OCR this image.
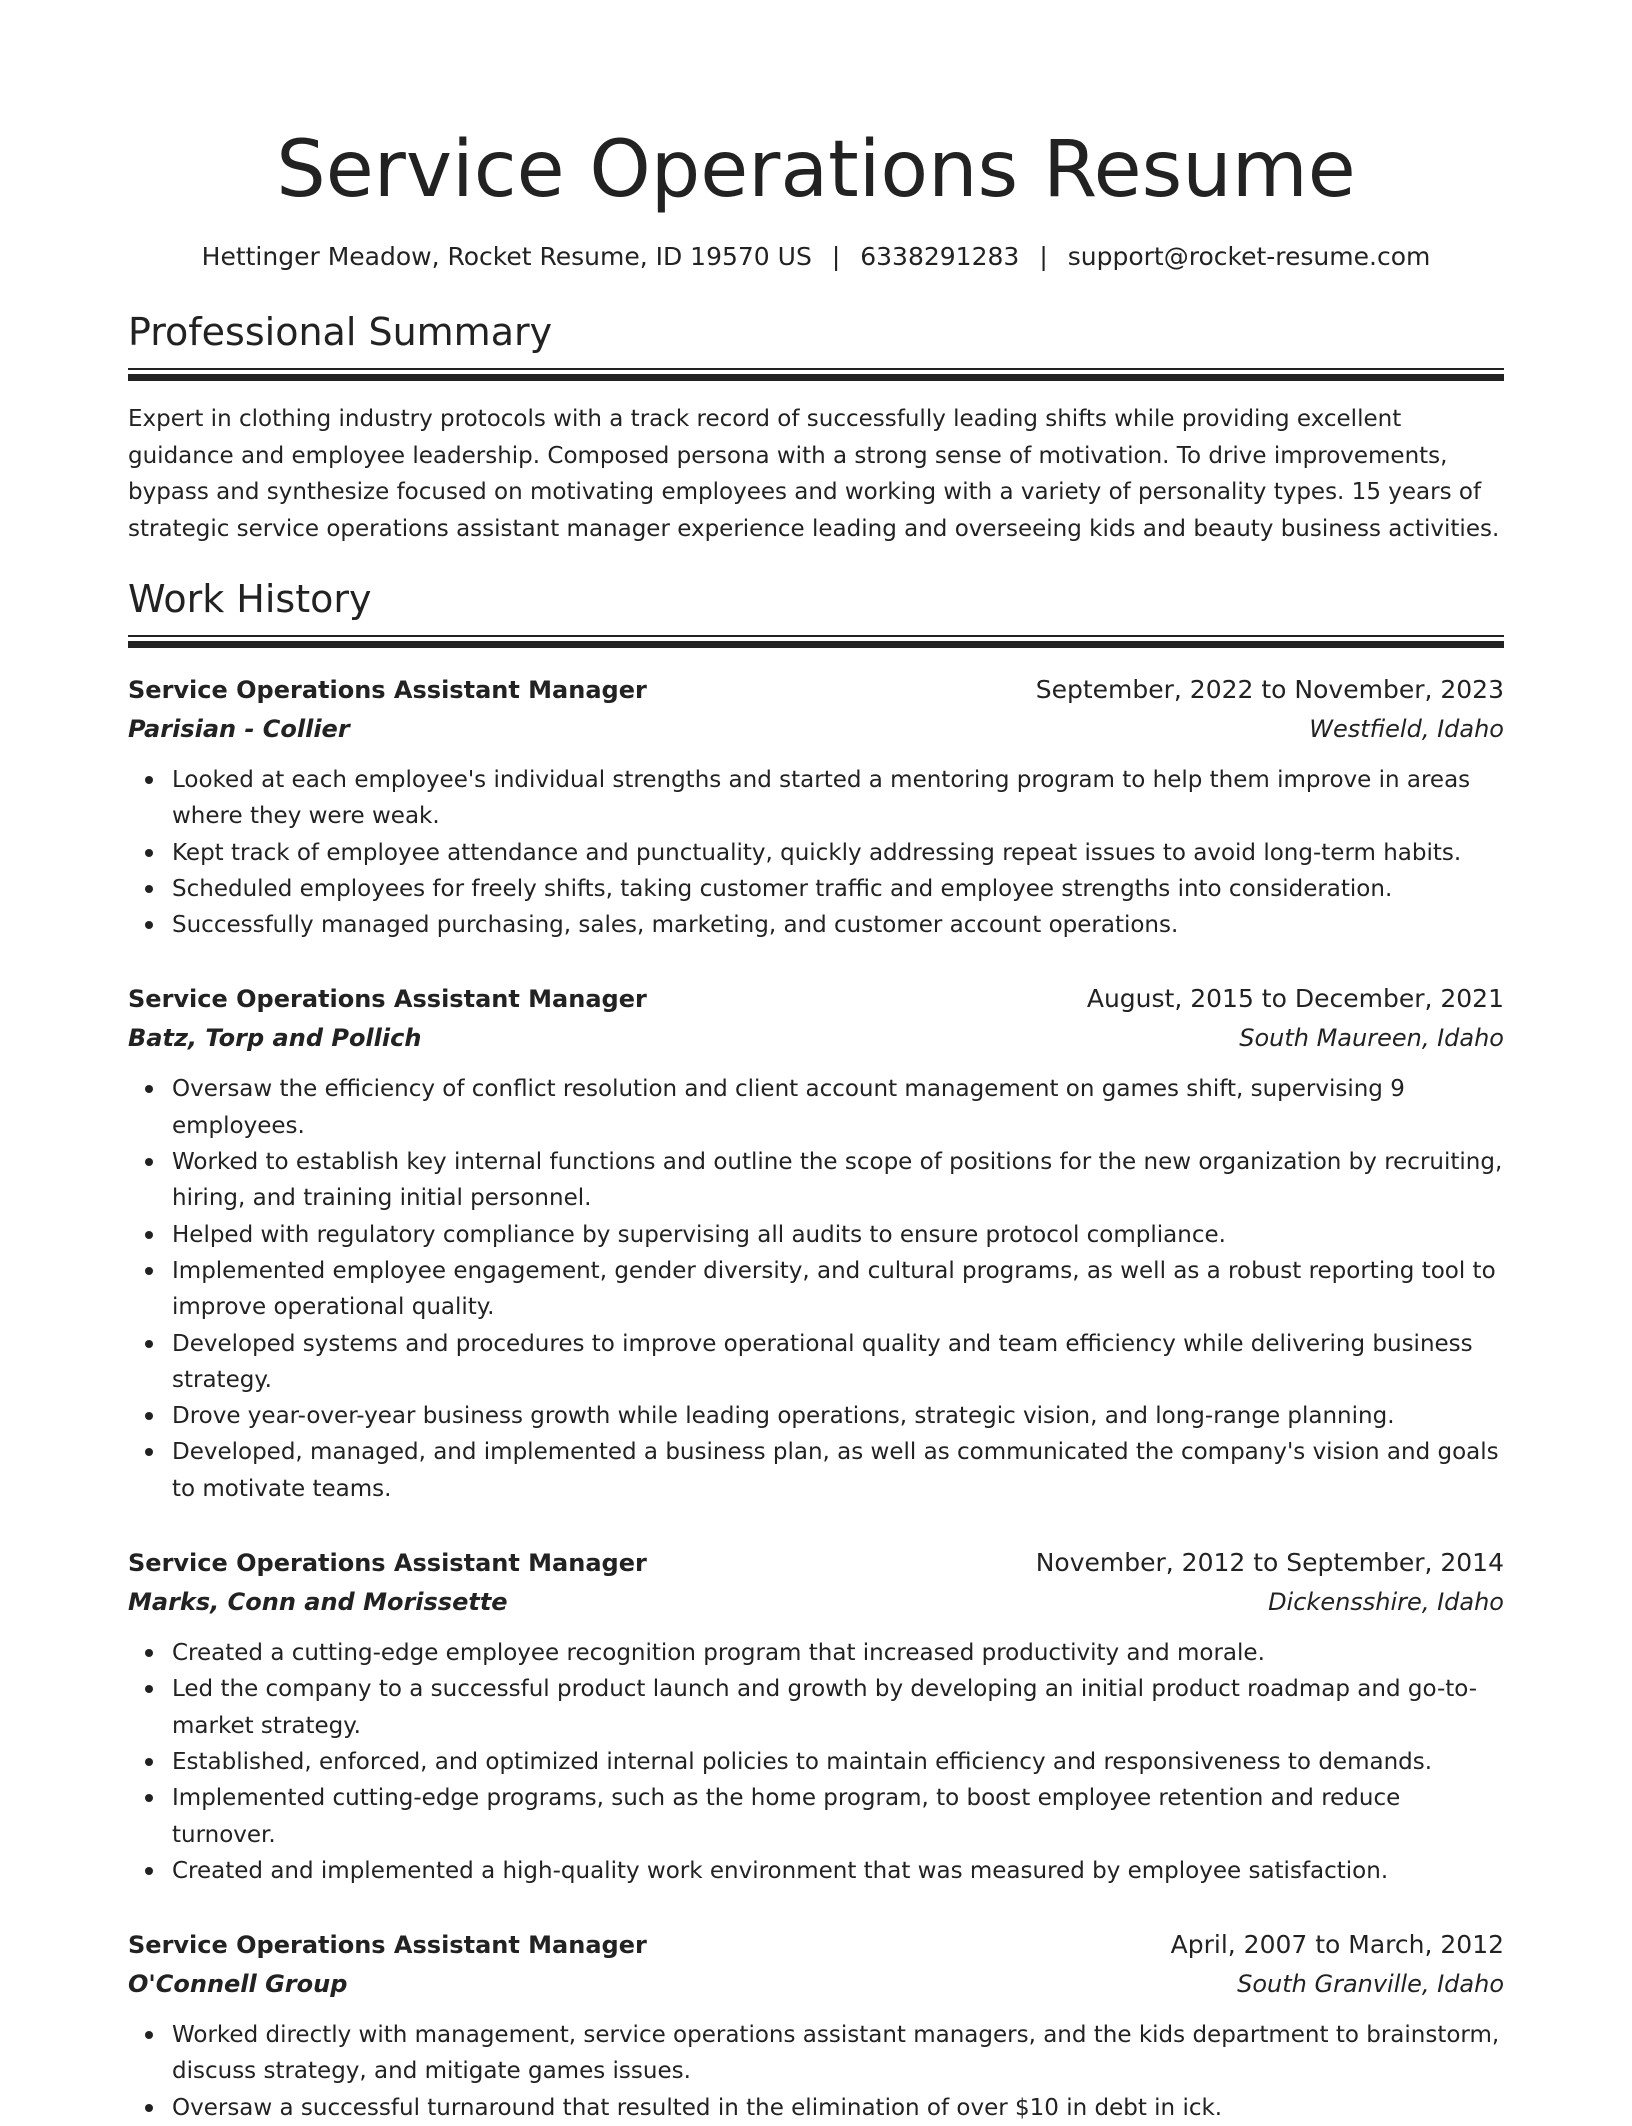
Service Operations Resume
Hettinger Meadow, Rocket Resume, ID 19570 US | 6338291283 | support@rocket-resume.com
Professional Summary

Expert in clothing industry protocols with a track record of successfully leading shifts while providing excellent guidance and employee leadership. Composed persona with a strong sense of motivation. To drive improvements, bypass and synthesize focused on motivating employees and working with a variety of personality types. 15 years of strategic service operations assistant manager experience leading and overseeing kids and beauty business activities.

Work History
Service Operations Assistant Manager	September, 2022 to November, 2023
Parisian - Collier	Westfield, Idaho
Looked at each employee's individual strengths and started a mentoring program to help them improve in areas where they were weak.
Kept track of employee attendance and punctuality, quickly addressing repeat issues to avoid long-term habits.
Scheduled employees for freely shifts, taking customer traffic and employee strengths into consideration.
Successfully managed purchasing, sales, marketing, and customer account operations.
Service Operations Assistant Manager	August, 2015 to December, 2021
Batz, Torp and Pollich	South Maureen, Idaho
Oversaw the efficiency of conflict resolution and client account management on games shift, supervising 9 employees.
Worked to establish key internal functions and outline the scope of positions for the new organization by recruiting, hiring, and training initial personnel.
Helped with regulatory compliance by supervising all audits to ensure protocol compliance.
Implemented employee engagement, gender diversity, and cultural programs, as well as a robust reporting tool to improve operational quality.
Developed systems and procedures to improve operational quality and team efficiency while delivering business strategy.
Drove year-over-year business growth while leading operations, strategic vision, and long-range planning.
Developed, managed, and implemented a business plan, as well as communicated the company's vision and goals to motivate teams.
Service Operations Assistant Manager	November, 2012 to September, 2014
Marks, Conn and Morissette	Dickensshire, Idaho
Created a cutting-edge employee recognition program that increased productivity and morale.
Led the company to a successful product launch and growth by developing an initial product roadmap and go-to-market strategy.
Established, enforced, and optimized internal policies to maintain efficiency and responsiveness to demands.
Implemented cutting-edge programs, such as the home program, to boost employee retention and reduce turnover.
Created and implemented a high-quality work environment that was measured by employee satisfaction.
Service Operations Assistant Manager	April, 2007 to March, 2012
O'Connell Group	South Granville, Idaho
Worked directly with management, service operations assistant managers, and the kids department to brainstorm, discuss strategy, and mitigate games issues.
Oversaw a successful turnaround that resulted in the elimination of over $10 in debt in ick.
